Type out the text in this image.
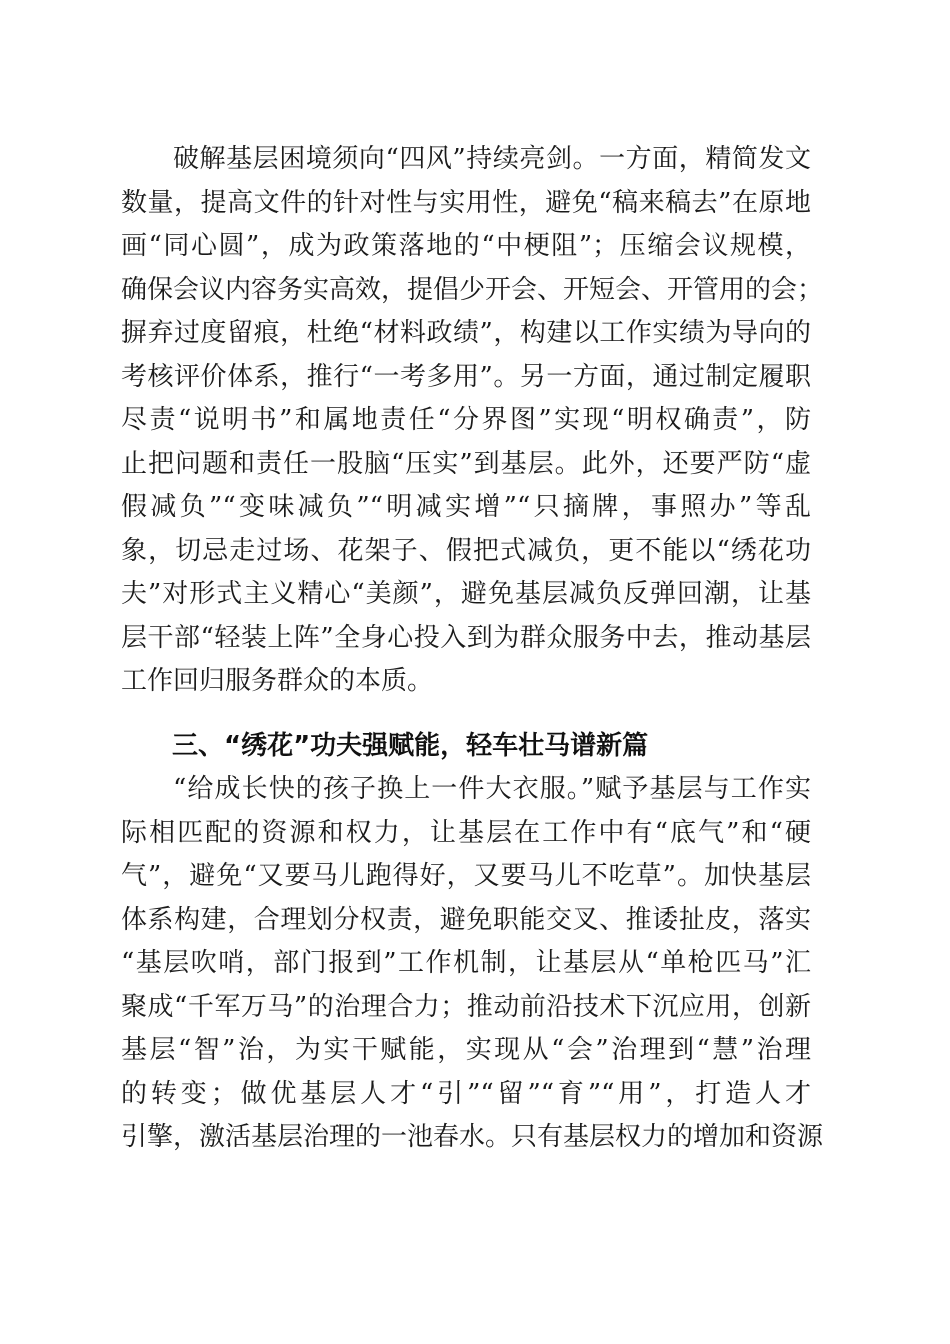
破解基层困境须向“四风”持续亮剑。一方面，精简发文
数量，提高文件的针对性与实用性，避免“稿来稿去”在原地
画“同心圆”，成为政策落地的“中梗阻”；压缩会议规模，
确保会议内容务实高效，提倡少开会、开短会、开管用的会；
摒弃过度留痕，杜绝“材料政绩”，构建以工作实绩为导向的
考核评价体系，推行“一考多用”。另一方面，通过制定履职
尽责“说明书”和属地责任“分界图”实现“明权确责”，防
止把问题和责任一股脑“压实”到基层。此外，还要严防“虚
假减负”“变味减负”“明减实增”“只摘牌，事照办”等乱
象，切忌走过场、花架子、假把式减负，更不能以“绣花功
夫”对形式主义精心“美颜”，避免基层减负反弹回潮，让基
层干部“轻装上阵”全身心投入到为群众服务中去，推动基层
工作回归服务群众的本质。
三、“绣花”功夫强赋能，轻车壮马谱新篇
“给成长快的孩子换上一件大衣服。”赋予基层与工作实
际相匹配的资源和权力，让基层在工作中有“底气”和“硬
气”，避免“又要马儿跑得好，又要马儿不吃草”。加快基层
体系构建，合理划分权责，避免职能交叉、推诿扯皮，落实
“基层吹哨，部门报到”工作机制，让基层从“单枪匹马”汇
聚成“千军万马”的治理合力；推动前沿技术下沉应用，创新
基层“智”治，为实干赋能，实现从“会”治理到“慧”治理
的转变；做优基层人才“引”“留”“育”“用”，打造人才
引擎，激活基层治理的一池春水。只有基层权力的增加和资源
